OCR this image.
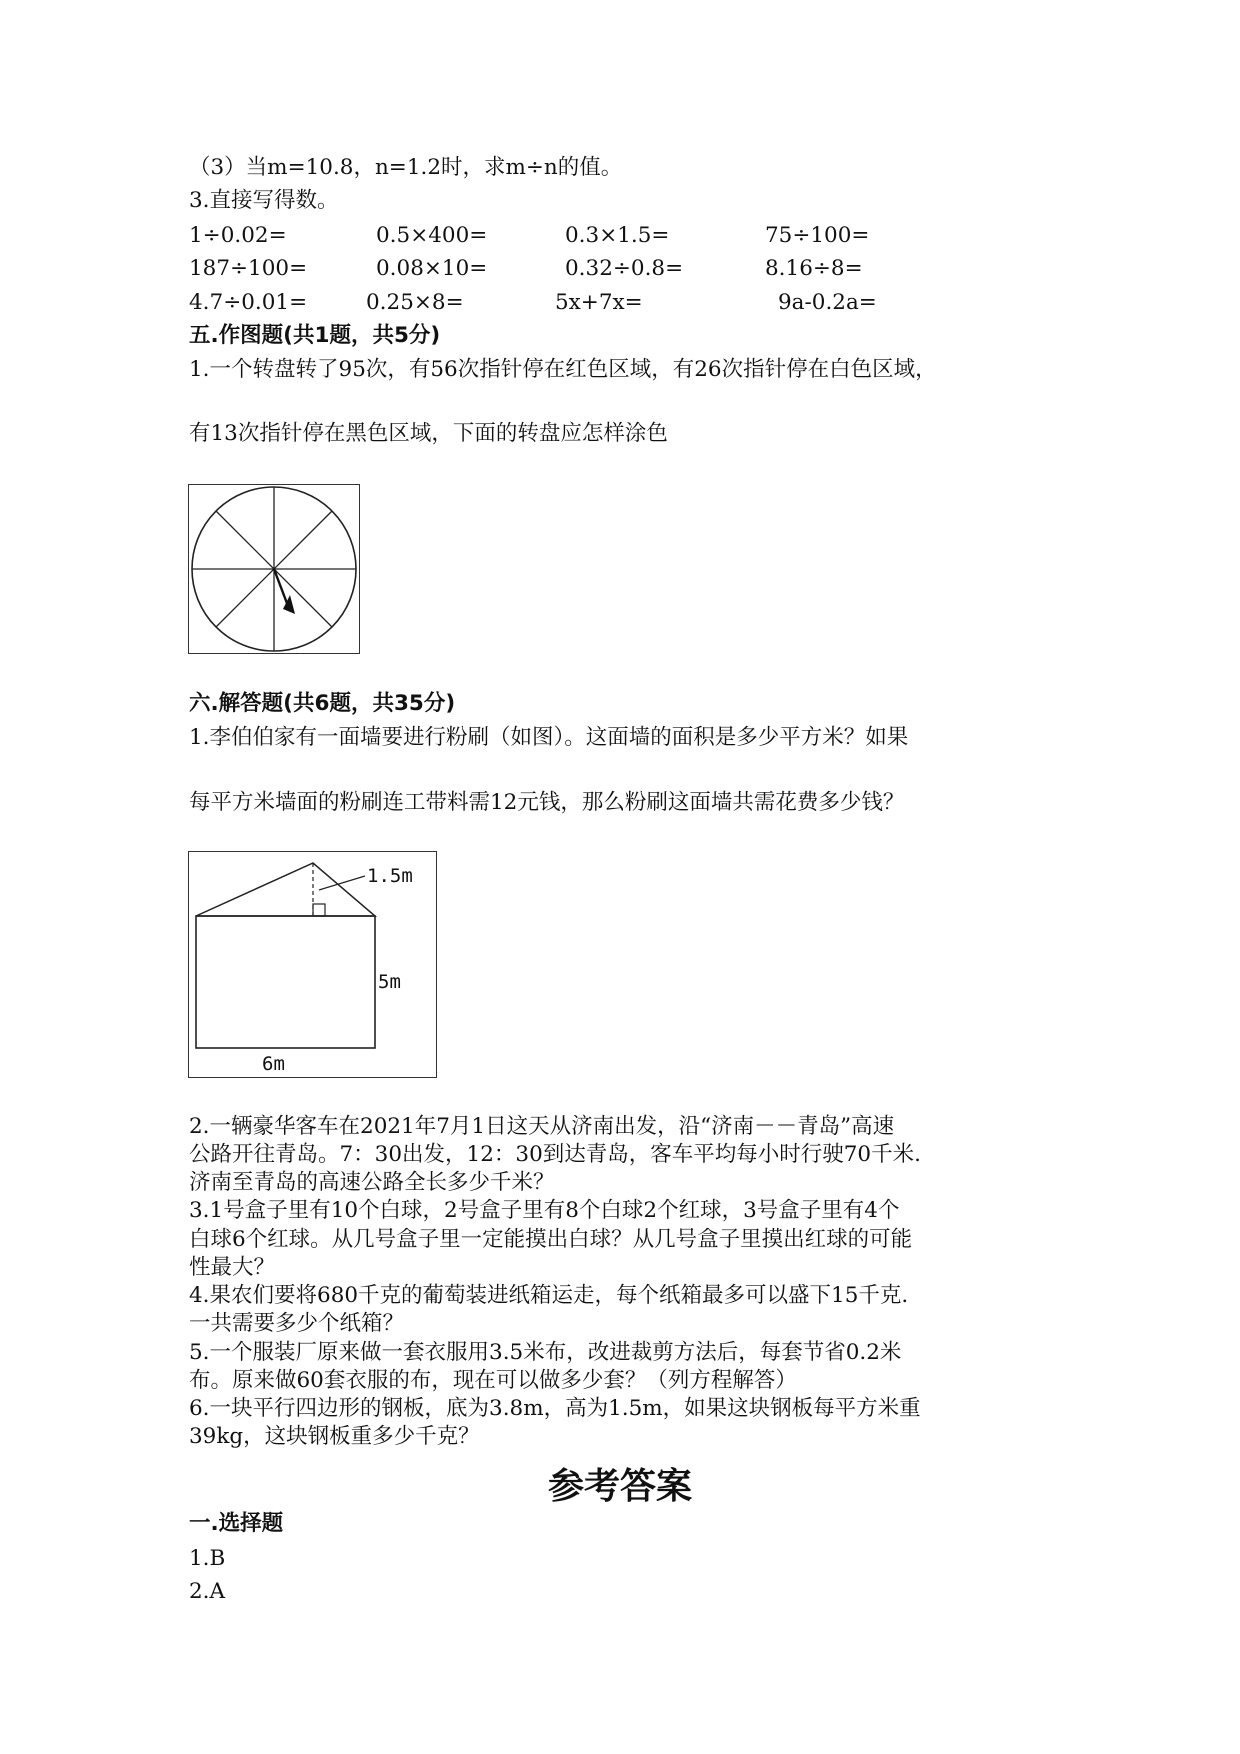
（3）当m=10.8，n=1.2时，求m÷n的值。
3.直接写得数。
1÷0.02=	0.5×400=	0.3×1.5=	75÷100=
187÷100=	0.08×10=	0.32÷0.8=	8.16÷8=
4.7÷0.01=	0.25×8=	5x+7x=	9a-0.2a=
五.作图题(共1题，共5分)
1.一个转盘转了95次，有56次指针停在红色区域，有26次指针停在白色区域，
有13次指针停在黑色区域，下面的转盘应怎样涂色
六.解答题(共6题，共35分)
1.李伯伯家有一面墙要进行粉刷（如图）。这面墙的面积是多少平方米？如果
每平方米墙面的粉刷连工带料需12元钱，那么粉刷这面墙共需花费多少钱？
1.5m
5m
6m
2.一辆豪华客车在2021年7月1日这天从济南出发，沿“济南－－青岛”高速
公路开往青岛。7：30出发，12：30到达青岛，客车平均每小时行驶70千米.
济南至青岛的高速公路全长多少千米？
3.1号盒子里有10个白球，2号盒子里有8个白球2个红球，3号盒子里有4个
白球6个红球。从几号盒子里一定能摸出白球？从几号盒子里摸出红球的可能
性最大？
4.果农们要将680千克的葡萄装进纸箱运走，每个纸箱最多可以盛下15千克.
一共需要多少个纸箱？
5.一个服装厂原来做一套衣服用3.5米布，改进裁剪方法后，每套节省0.2米
布。原来做60套衣服的布，现在可以做多少套？（列方程解答）
6.一块平行四边形的钢板，底为3.8m，高为1.5m，如果这块钢板每平方米重
39kg，这块钢板重多少千克？
参考答案
一.选择题
1.B
2.A
